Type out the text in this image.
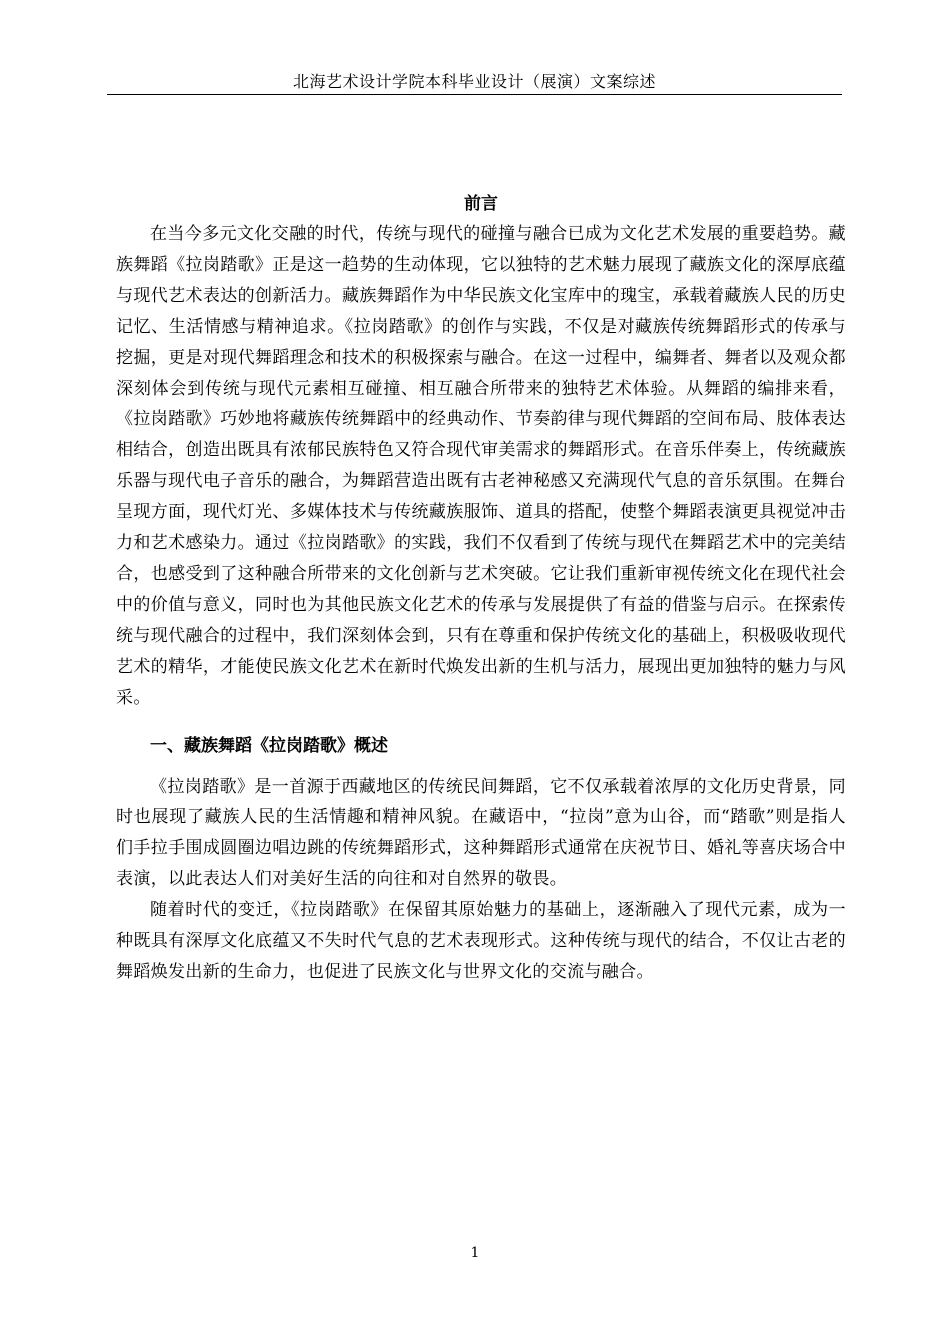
北海艺术设计学院本科毕业设计（展演）文案综述
前言

在当今多元文化交融的时代，传统与现代的碰撞与融合已成为文化艺术发展的重要趋势。藏族舞蹈《拉岗踏歌》正是这一趋势的生动体现，它以独特的艺术魅力展现了藏族文化的深厚底蕴与现代艺术表达的创新活力。藏族舞蹈作为中华民族文化宝库中的瑰宝，承载着藏族人民的历史记忆、生活情感与精神追求。《拉岗踏歌》的创作与实践，不仅是对藏族传统舞蹈形式的传承与挖掘，更是对现代舞蹈理念和技术的积极探索与融合。在这一过程中，编舞者、舞者以及观众都深刻体会到传统与现代元素相互碰撞、相互融合所带来的独特艺术体验。从舞蹈的编排来看，《拉岗踏歌》巧妙地将藏族传统舞蹈中的经典动作、节奏韵律与现代舞蹈的空间布局、肢体表达相结合，创造出既具有浓郁民族特色又符合现代审美需求的舞蹈形式。在音乐伴奏上，传统藏族乐器与现代电子音乐的融合，为舞蹈营造出既有古老神秘感又充满现代气息的音乐氛围。在舞台呈现方面，现代灯光、多媒体技术与传统藏族服饰、道具的搭配，使整个舞蹈表演更具视觉冲击力和艺术感染力。通过《拉岗踏歌》的实践，我们不仅看到了传统与现代在舞蹈艺术中的完美结合，也感受到了这种融合所带来的文化创新与艺术突破。它让我们重新审视传统文化在现代社会中的价值与意义，同时也为其他民族文化艺术的传承与发展提供了有益的借鉴与启示。在探索传统与现代融合的过程中，我们深刻体会到，只有在尊重和保护传统文化的基础上，积极吸收现代艺术的精华，才能使民族文化艺术在新时代焕发出新的生机与活力，展现出更加独特的魅力与风采。

一、藏族舞蹈《拉岗踏歌》概述

《拉岗踏歌》是一首源于西藏地区的传统民间舞蹈，它不仅承载着浓厚的文化历史背景，同时也展现了藏族人民的生活情趣和精神风貌。在藏语中，“拉岗”意为山谷，而“踏歌”则是指人们手拉手围成圆圈边唱边跳的传统舞蹈形式，这种舞蹈形式通常在庆祝节日、婚礼等喜庆场合中表演，以此表达人们对美好生活的向往和对自然界的敬畏。

随着时代的变迁，《拉岗踏歌》在保留其原始魅力的基础上，逐渐融入了现代元素，成为一种既具有深厚文化底蕴又不失时代气息的艺术表现形式。这种传统与现代的结合，不仅让古老的舞蹈焕发出新的生命力，也促进了民族文化与世界文化的交流与融合。

1
